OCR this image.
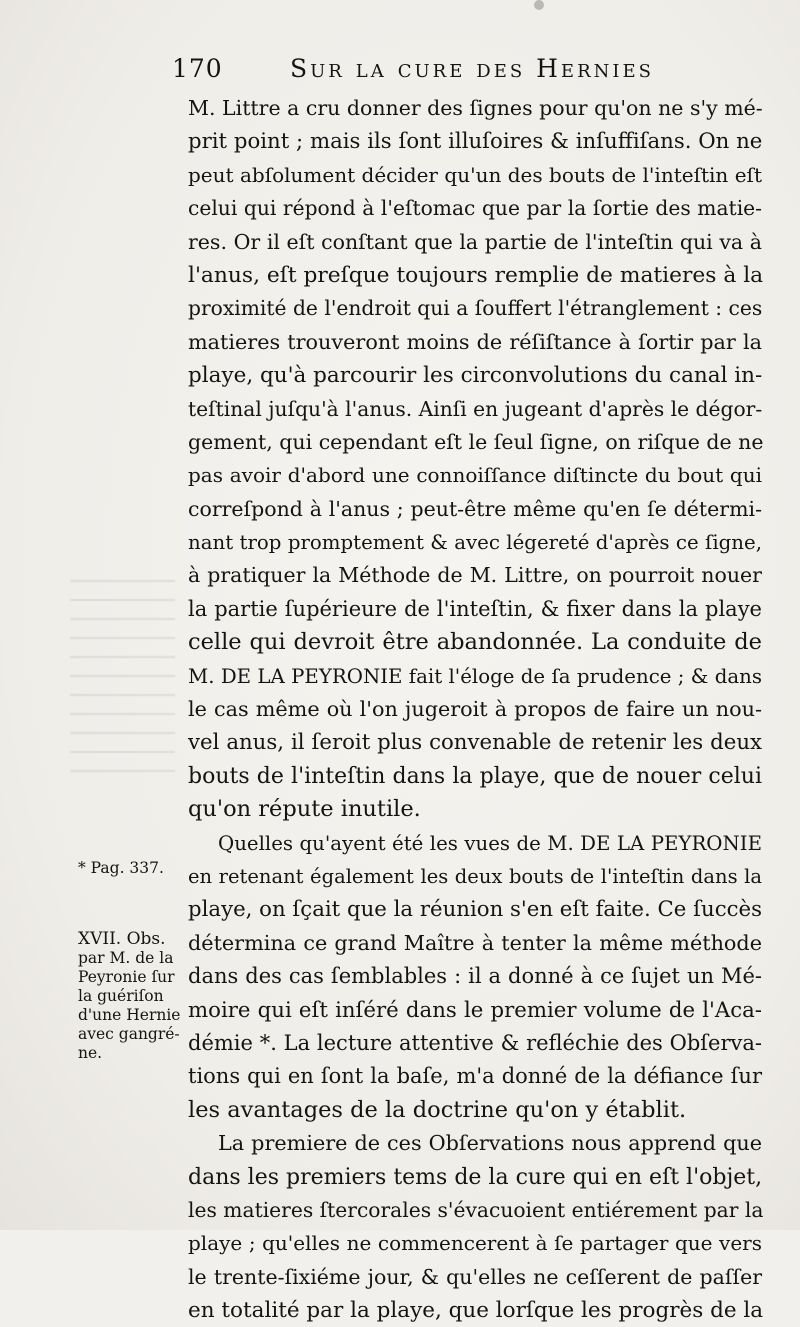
170	Sur la cure des Hernies
M. Littre a cru donner des ſignes pour qu'on ne s'y mé-
prit point ; mais ils ſont illuſoires & inſuffiſans. On ne
peut abſolument décider qu'un des bouts de l'inteſtin eſt
celui qui répond à l'eſtomac que par la ſortie des matie-
res. Or il eſt conſtant que la partie de l'inteſtin qui va à
l'anus, eſt preſque toujours remplie de matieres à la
proximité de l'endroit qui a ſouffert l'étranglement : ces
matieres trouveront moins de réſiſtance à ſortir par la
playe, qu'à parcourir les circonvolutions du canal in-
teſtinal juſqu'à l'anus. Ainſi en jugeant d'après le dégor-
gement, qui cependant eſt le ſeul ſigne, on riſque de ne
pas avoir d'abord une connoiſſance diſtincte du bout qui
correſpond à l'anus ; peut-être même qu'en ſe détermi-
nant trop promptement & avec légereté d'après ce ſigne,
à pratiquer la Méthode de M. Littre, on pourroit nouer
la partie ſupérieure de l'inteſtin, & fixer dans la playe
celle qui devroit être abandonnée. La conduite de
M. DE LA PEYRONIE fait l'éloge de ſa prudence ; & dans
le cas même où l'on jugeroit à propos de faire un nou-
vel anus, il ſeroit plus convenable de retenir les deux
bouts de l'inteſtin dans la playe, que de nouer celui
qu'on répute inutile.
Quelles qu'ayent été les vues de M. DE LA PEYRONIE
en retenant également les deux bouts de l'inteſtin dans la
playe, on ſçait que la réunion s'en eſt faite. Ce ſuccès
détermina ce grand Maître à tenter la même méthode
dans des cas ſemblables : il a donné à ce ſujet un Mé-
moire qui eſt inſéré dans le premier volume de l'Aca-
démie *. La lecture attentive & refléchie des Obſerva-
tions qui en ſont la baſe, m'a donné de la défiance ſur
les avantages de la doctrine qu'on y établit.
La premiere de ces Obſervations nous apprend que
dans les premiers tems de la cure qui en eſt l'objet,
les matieres ſtercorales s'évacuoient entiérement par la
playe ; qu'elles ne commencerent à ſe partager que vers
le trente-ſixiéme jour, & qu'elles ne ceſſerent de paſſer
en totalité par la playe, que lorſque les progrès de la
* Pag. 337.
XVII. Obs.
par M. de la
Peyronie ſur
la guériſon
d'une Hernie
avec gangré-
ne.
